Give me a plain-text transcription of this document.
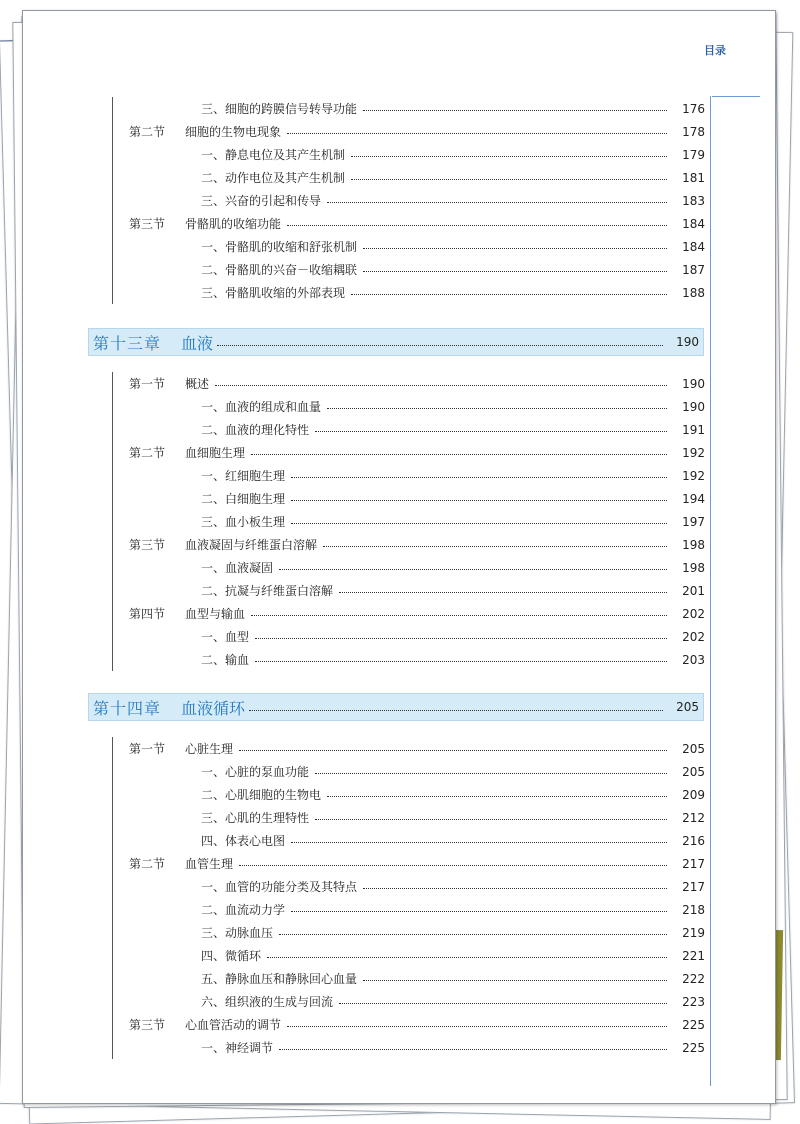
目录
三、细胞的跨膜信号转导功能	176
第二节	细胞的生物电现象	178
一、静息电位及其产生机制	179
二、动作电位及其产生机制	181
三、兴奋的引起和传导	183
第三节	骨骼肌的收缩功能	184
一、骨骼肌的收缩和舒张机制	184
二、骨骼肌的兴奋－收缩耦联	187
三、骨骼肌收缩的外部表现	188
第十三章	血液	190
第一节	概述	190
一、血液的组成和血量	190
二、血液的理化特性	191
第二节	血细胞生理	192
一、红细胞生理	192
二、白细胞生理	194
三、血小板生理	197
第三节	血液凝固与纤维蛋白溶解	198
一、血液凝固	198
二、抗凝与纤维蛋白溶解	201
第四节	血型与输血	202
一、血型	202
二、输血	203
第十四章	血液循环	205
第一节	心脏生理	205
一、心脏的泵血功能	205
二、心肌细胞的生物电	209
三、心肌的生理特性	212
四、体表心电图	216
第二节	血管生理	217
一、血管的功能分类及其特点	217
二、血流动力学	218
三、动脉血压	219
四、微循环	221
五、静脉血压和静脉回心血量	222
六、组织液的生成与回流	223
第三节	心血管活动的调节	225
一、神经调节	225
